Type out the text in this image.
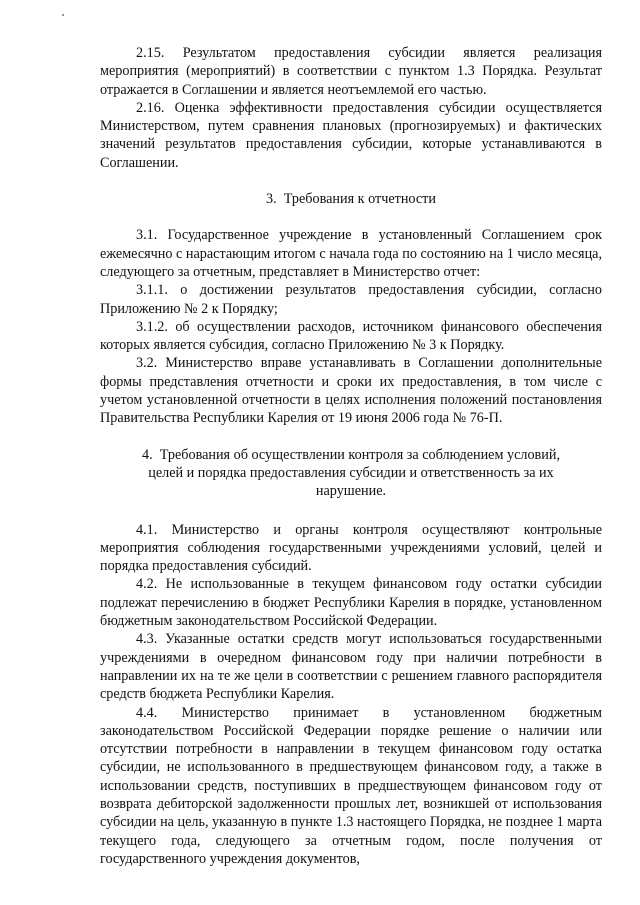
2.15. Результатом предоставления субсидии является реализация мероприятия (мероприятий) в соответствии с пунктом 1.3 Порядка. Результат отражается в Соглашении и является неотъемлемой его частью.

2.16. Оценка эффективности предоставления субсидии осуществляется Министерством, путем сравнения плановых (прогнозируемых) и фактических значений результатов предоставления субсидии, которые устанавливаются в Соглашении.

3.  Требования к отчетности

3.1. Государственное учреждение в установленный Соглашением срок ежемесячно с нарастающим итогом с начала года по состоянию на 1 число месяца, следующего за отчетным, представляет в Министерство отчет:

3.1.1. о достижении результатов предоставления субсидии, согласно Приложению № 2 к Порядку;

3.1.2. об осуществлении расходов, источником финансового обеспечения которых является субсидия, согласно Приложению № 3 к Порядку.

3.2. Министерство вправе устанавливать в Соглашении дополнительные формы представления отчетности и сроки их предоставления, в том числе с учетом установленной отчетности в целях исполнения положений постановления Правительства Республики Карелия от 19 июня 2006 года № 76-П.

4.  Требования об осуществлении контроля за соблюдением условий,

целей и порядка предоставления субсидии и ответственность за их

нарушение.

4.1. Министерство и органы контроля осуществляют контрольные мероприятия соблюдения государственными учреждениями условий, целей и порядка предоставления субсидий.

4.2. Не использованные в текущем финансовом году остатки субсидии подлежат перечислению в бюджет Республики Карелия в порядке, установленном бюджетным законодательством Российской Федерации.

4.3. Указанные остатки средств могут использоваться государственными учреждениями в очередном финансовом году при наличии потребности в направлении их на те же цели в соответствии с решением главного распорядителя средств бюджета Республики Карелия.

4.4. Министерство принимает в установленном бюджетным законодательством Российской Федерации порядке решение о наличии или отсутствии потребности в направлении в текущем финансовом году остатка субсидии, не использованного в предшествующем финансовом году, а также в использовании средств, поступивших в предшествующем финансовом году от возврата дебиторской задолженности прошлых лет, возникшей от использования субсидии на цель, указанную в пункте 1.3 настоящего Порядка, не позднее 1 марта текущего года, следующего за отчетным годом, после получения от государственного учреждения документов,
